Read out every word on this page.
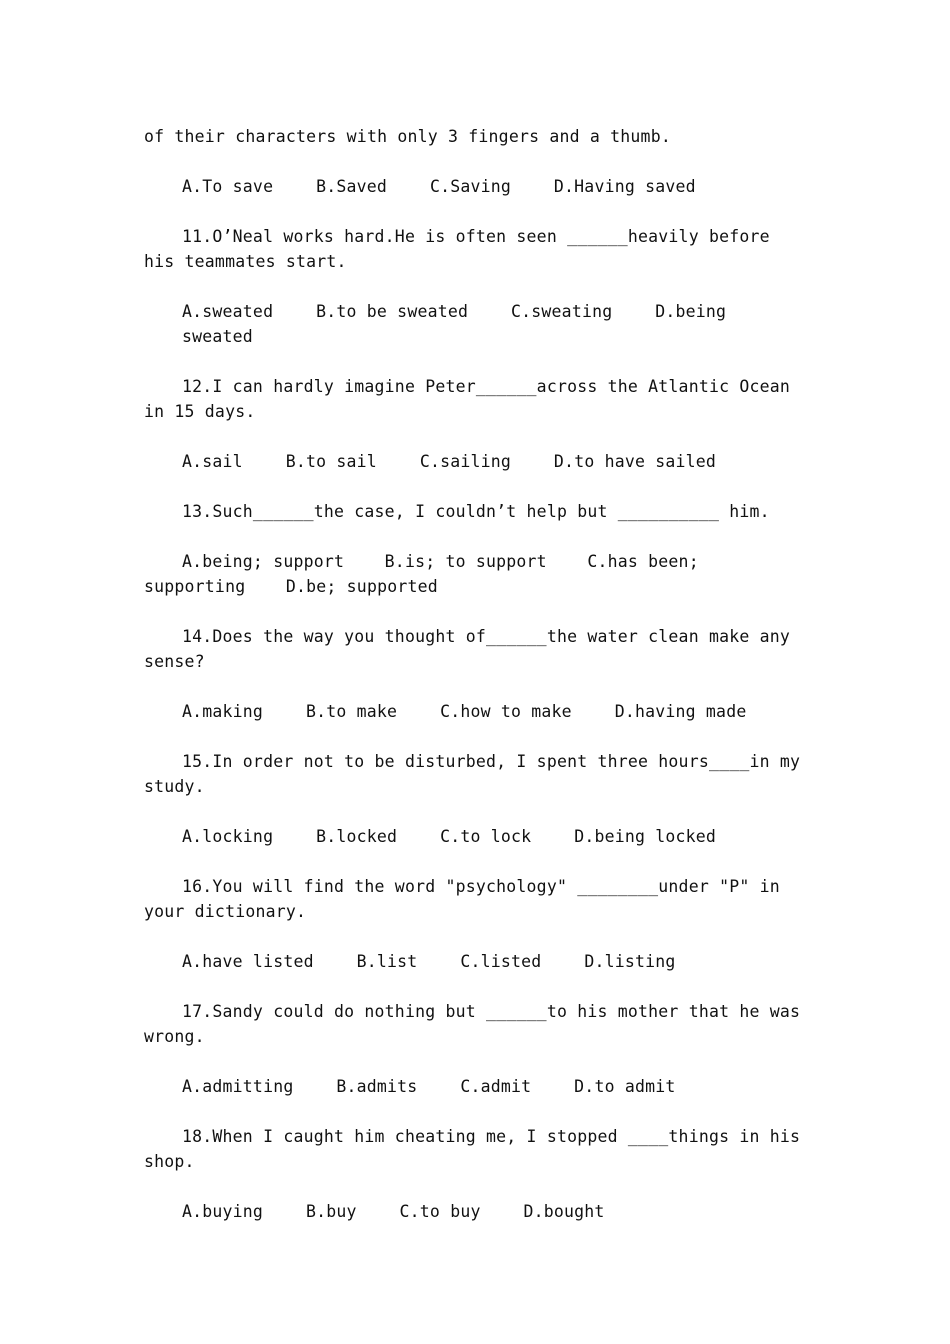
of their characters with only 3 fingers and a thumb.

A.To save	B.Saved	C.Saving	D.Having saved

11.O’Neal works hard.He is often seen ______heavily before his teammates start.

A.sweated	B.to be sweated	C.sweating	D.being sweated

12.I can hardly imagine Peter______across the Atlantic Ocean in 15 days.

A.sail	B.to sail	C.sailing	D.to have sailed

13.Such______the case, I couldn’t help but __________ him.

A.being; support    B.is; to support    C.has been; supporting    D.be; supported

14.Does the way you thought of______the water clean make any sense?

A.making	B.to make	C.how to make	D.having made

15.In order not to be disturbed, I spent three hours____in my study.

A.locking	B.locked	C.to lock	D.being locked

16.You will find the word "psychology" ________under "P" in your dictionary.

A.have listed	B.list	C.listed	D.listing

17.Sandy could do nothing but ______to his mother that he was wrong.

A.admitting	B.admits	C.admit	D.to admit

18.When I caught him cheating me, I stopped ____things in his shop.

A.buying	B.buy	C.to buy	D.bought
